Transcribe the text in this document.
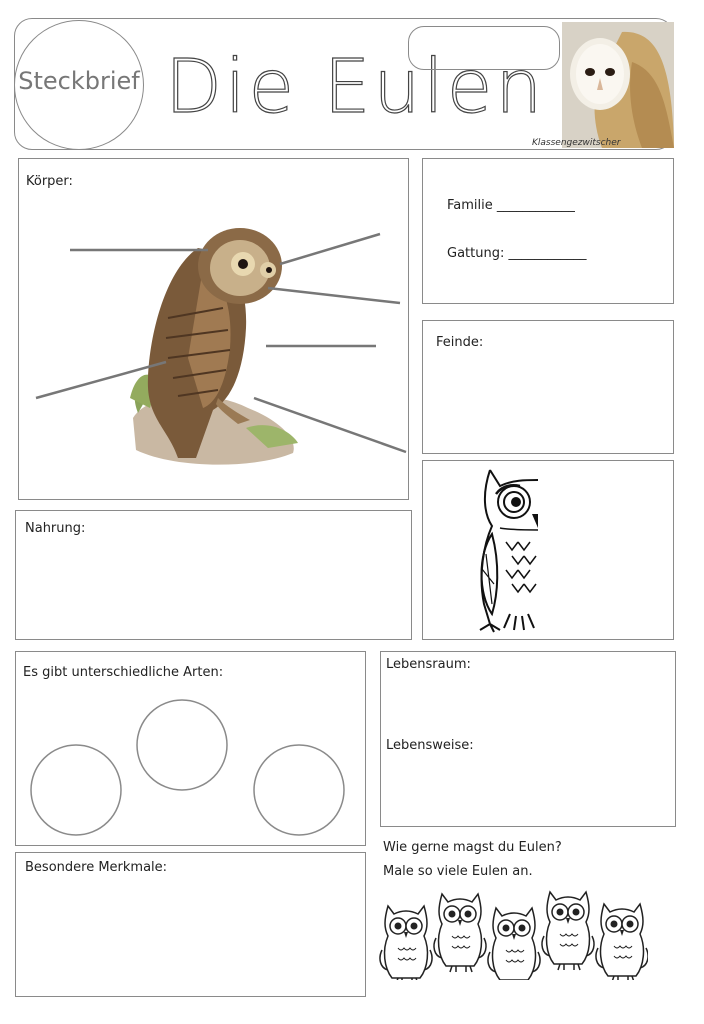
Steckbrief Die Eulen
Klassengezwitscher
Körper:
Familie ____________
Gattung: ____________
Feinde:
Nahrung:
Es gibt unterschiedliche Arten:
Lebensraum:
Lebensweise:
Besondere Merkmale:
Wie gerne magst du Eulen?
Male so viele Eulen an.
